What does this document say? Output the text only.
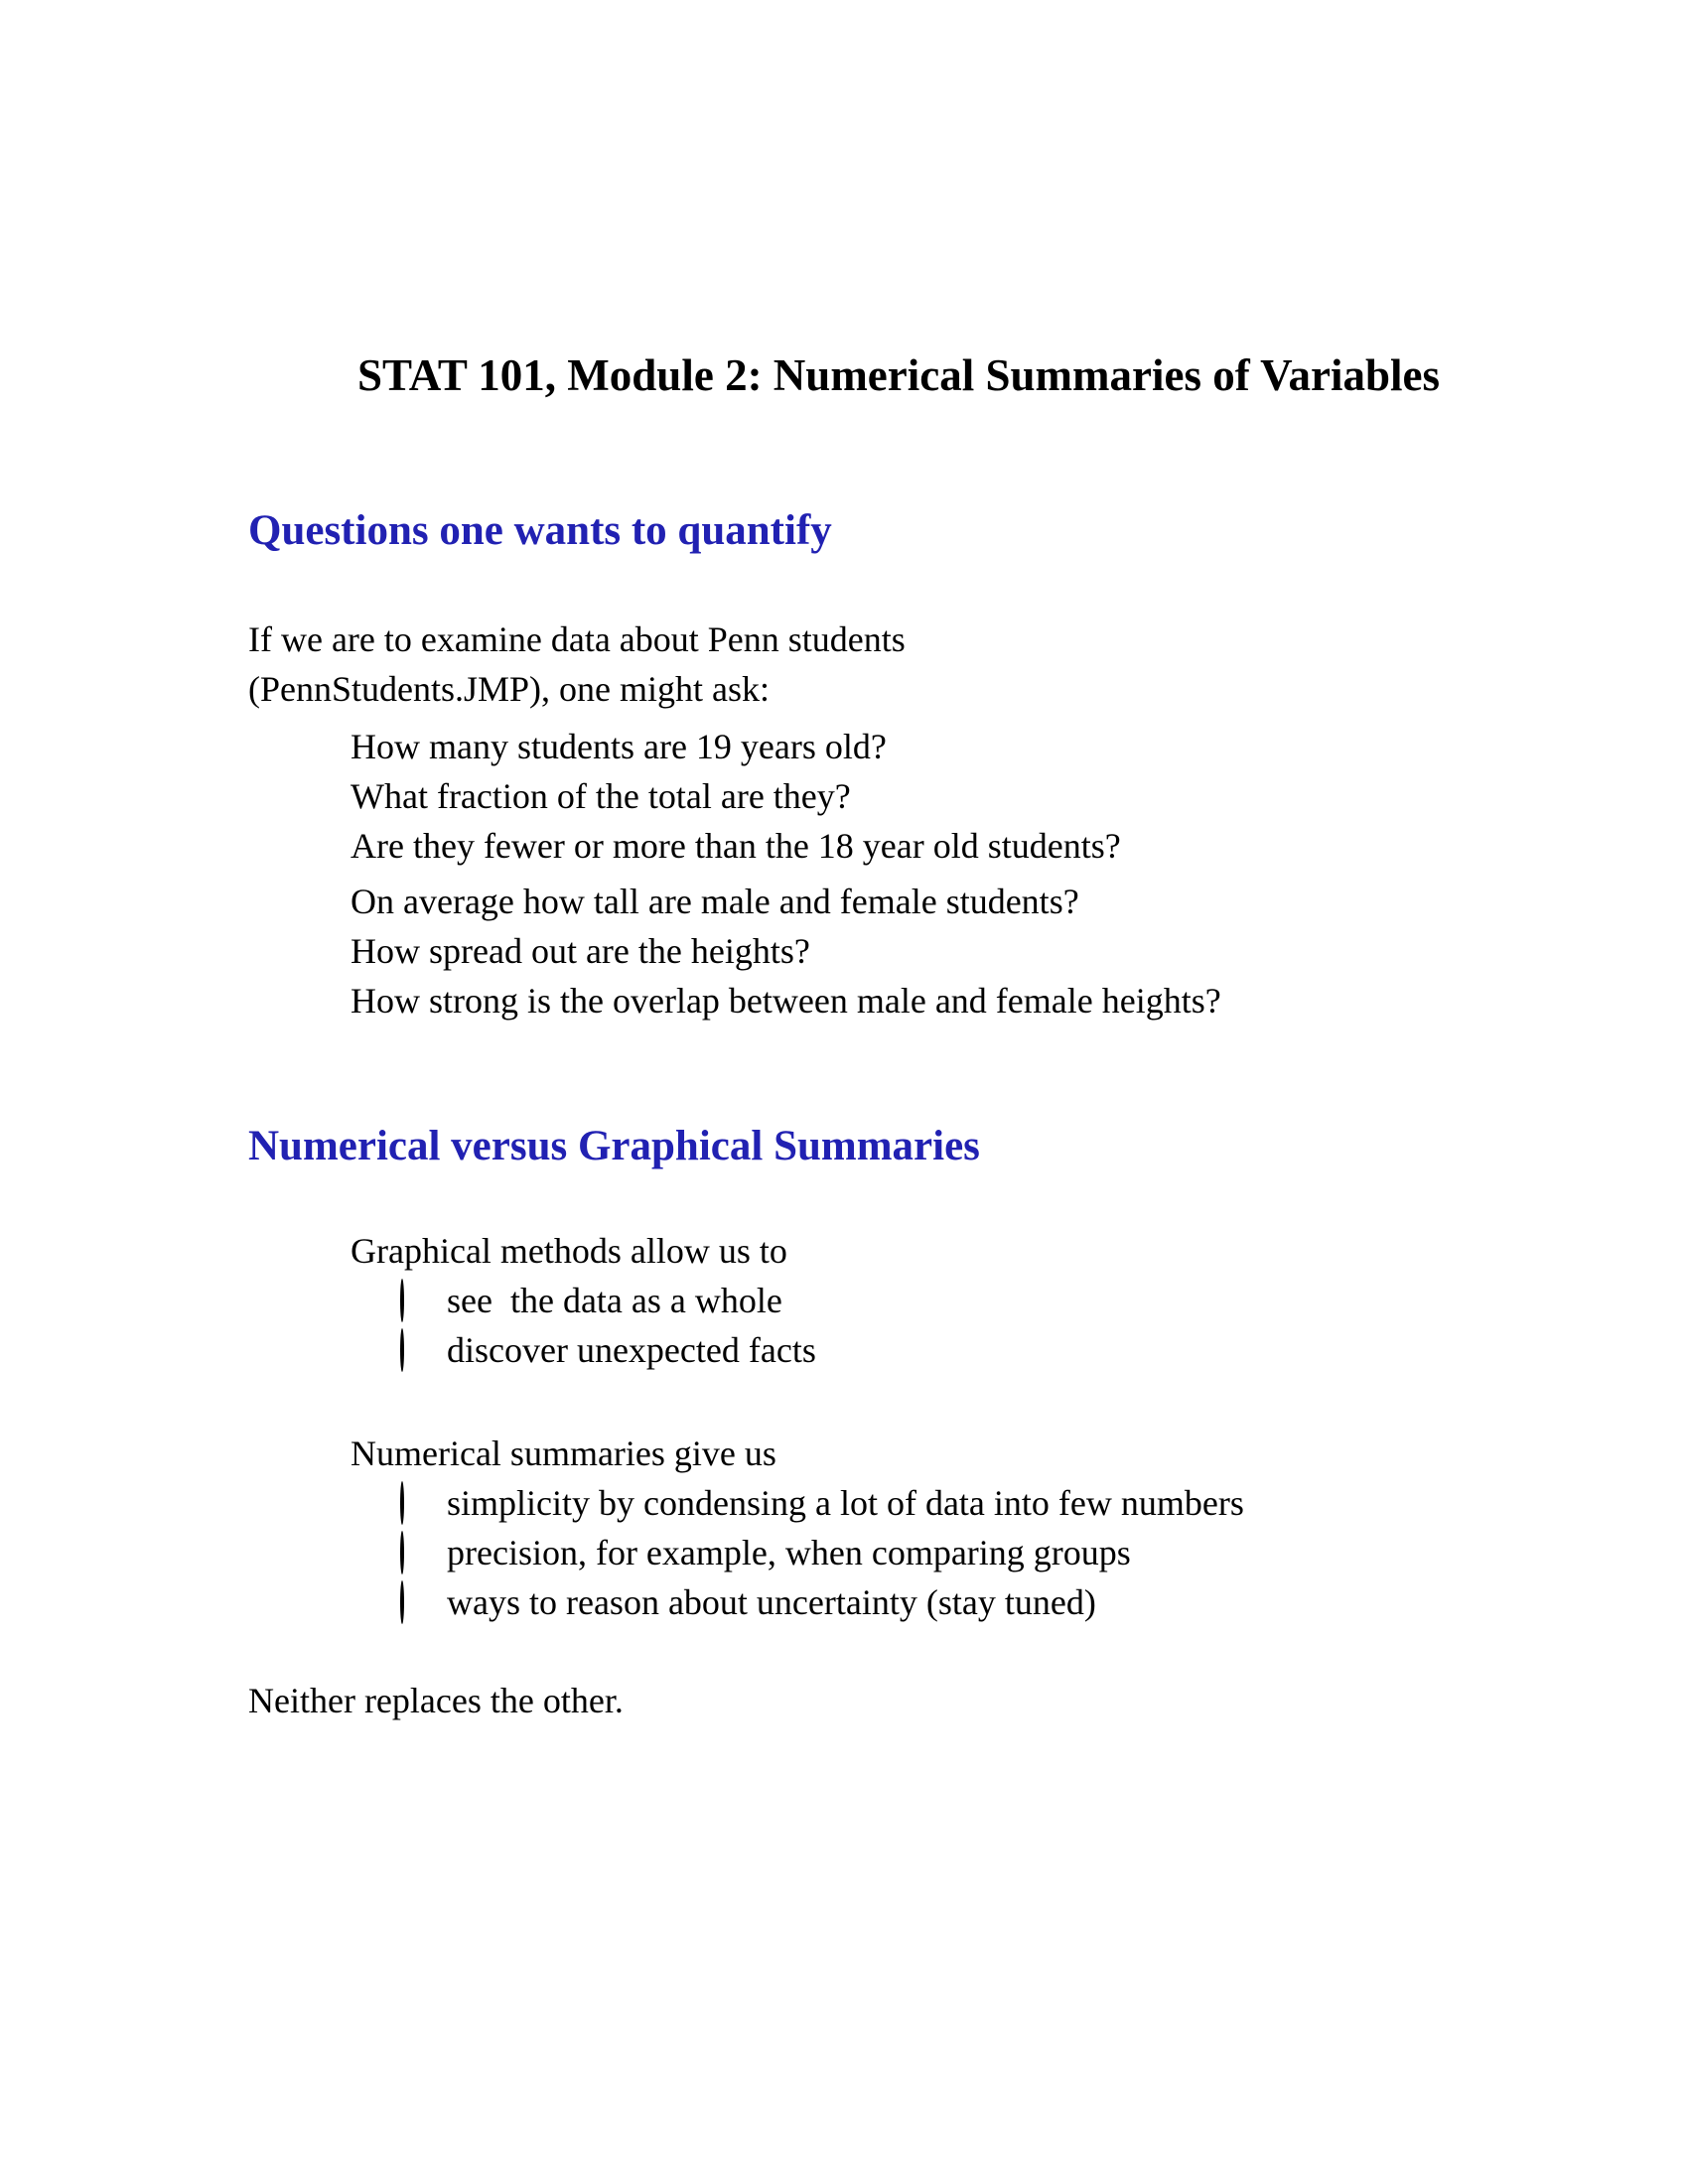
STAT 101, Module 2: Numerical Summaries of Variables
Questions one wants to quantify
If we are to examine data about Penn students
(PennStudents.JMP), one might ask:
How many students are 19 years old?
What fraction of the total are they?
Are they fewer or more than the 18 year old students?
On average how tall are male and female students?
How spread out are the heights?
How strong is the overlap between male and female heights?
Numerical versus Graphical Summaries
Graphical methods allow us to
see  the data as a whole
discover unexpected facts
Numerical summaries give us
simplicity by condensing a lot of data into few numbers
precision, for example, when comparing groups
ways to reason about uncertainty (stay tuned)
Neither replaces the other.
